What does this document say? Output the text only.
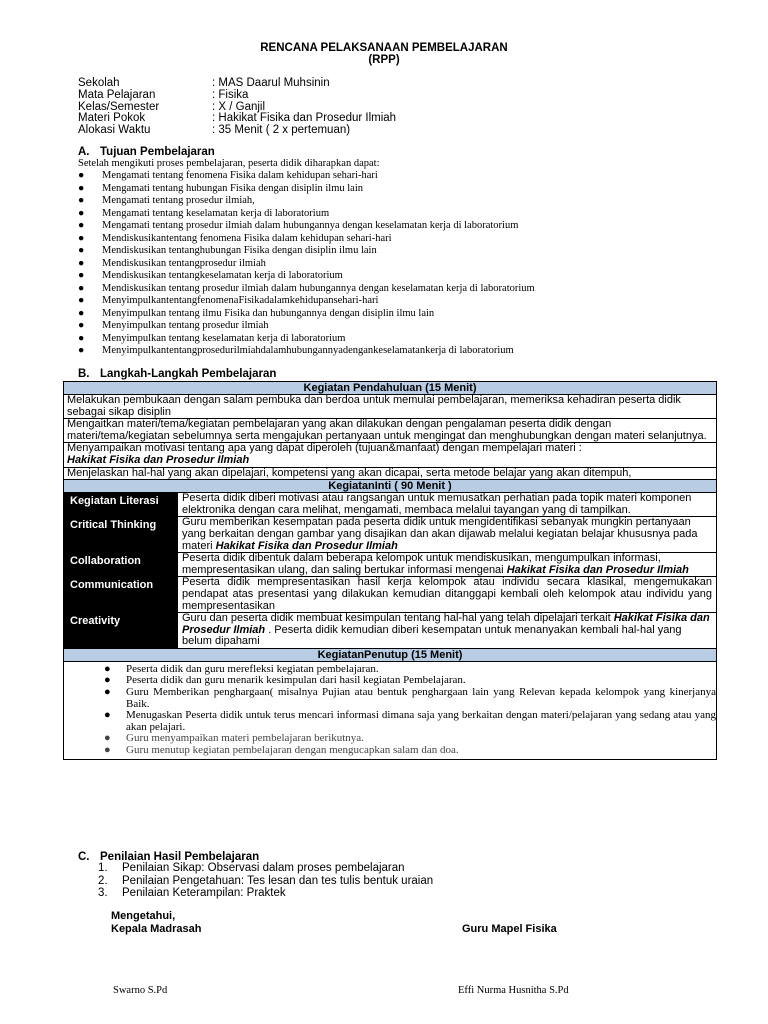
RENCANA PELAKSANAAN PEMBELAJARAN
(RPP)
Sekolah	: MAS Daarul Muhsinin
Mata Pelajaran	: Fisika
Kelas/Semester	: X / Ganjil
Materi Pokok	: Hakikat Fisika dan Prosedur Ilmiah
Alokasi Waktu	: 35 Menit ( 2 x pertemuan)
A. Tujuan Pembelajaran
Setelah mengikuti proses pembelajaran, peserta didik diharapkan dapat:
●	Mengamati tentang fenomena Fisika dalam kehidupan sehari-hari
●	Mengamati tentang hubungan Fisika dengan disiplin ilmu lain
●	Mengamati tentang prosedur ilmiah,
●	Mengamati tentang keselamatan kerja di laboratorium
●	Mengamati tentang prosedur ilmiah dalam hubungannya dengan keselamatan kerja di laboratorium
●	Mendiskusikantentang fenomena Fisika dalam kehidupan sehari-hari
●	Mendiskusikan tentanghubungan Fisika dengan disiplin ilmu lain
●	Mendiskusikan tentangprosedur ilmiah
●	Mendiskusikan tentangkeselamatan kerja di laboratorium
●	Mendiskusikan tentang prosedur ilmiah dalam hubungannya dengan keselamatan kerja di laboratorium
●	MenyimpulkantentangfenomenaFisikadalamkehidupansehari-hari
●	Menyimpulkan tentang ilmu Fisika dan hubungannya dengan disiplin ilmu lain
●	Menyimpulkan tentang prosedur ilmiah
●	Menyimpulkan tentang keselamatan kerja di laboratorium
●	Menyimpulkantentangprosedurilmiahdalamhubungannyadengankeselamatankerja di laboratorium
B. Langkah-Langkah Pembelajaran
Kegiatan Pendahuluan (15 Menit)
Melakukan pembukaan dengan salam pembuka dan berdoa untuk memulai pembelajaran, memeriksa kehadiran peserta didik sebagai sikap disiplin
Mengaitkan materi/tema/kegiatan pembelajaran yang akan dilakukan dengan pengalaman peserta didik dengan materi/tema/kegiatan sebelumnya serta mengajukan pertanyaan untuk mengingat dan menghubungkan dengan materi selanjutnya.
Menyampaikan motivasi tentang apa yang dapat diperoleh (tujuan&manfaat) dengan mempelajari materi :
Hakikat Fisika dan Prosedur Ilmiah
Menjelaskan hal-hal yang akan dipelajari, kompetensi yang akan dicapai, serta metode belajar yang akan ditempuh,
KegiatanInti ( 90 Menit )
Kegiatan Literasi	Peserta didik diberi motivasi atau rangsangan untuk memusatkan perhatian pada topik materi komponen elektronika dengan cara melihat, mengamati, membaca melalui tayangan yang di tampilkan.
Critical Thinking	Guru memberikan kesempatan pada peserta didik untuk mengidentifikasi sebanyak mungkin pertanyaan yang berkaitan dengan gambar yang disajikan dan akan dijawab melalui kegiatan belajar khususnya pada materi Hakikat Fisika dan Prosedur Ilmiah
Collaboration	Peserta didik dibentuk dalam beberapa kelompok untuk mendiskusikan, mengumpulkan informasi, mempresentasikan ulang, dan saling bertukar informasi mengenai Hakikat Fisika dan Prosedur Ilmiah
Communication	Peserta didik mempresentasikan hasil kerja kelompok atau individu secara klasikal, mengemukakan pendapat atas presentasi yang dilakukan kemudian ditanggapi kembali oleh kelompok atau individu yang mempresentasikan
Creativity	Guru dan peserta didik membuat kesimpulan tentang hal-hal yang telah dipelajari terkait Hakikat Fisika dan Prosedur Ilmiah . Peserta didik kemudian diberi kesempatan untuk menanyakan kembali hal-hal yang belum dipahami
KegiatanPenutup (15 Menit)
●	Peserta didik dan guru merefleksi kegiatan pembelajaran.
●	Peserta didik dan guru menarik kesimpulan dari hasil kegiatan Pembelajaran.
●	Guru Memberikan penghargaan( misalnya Pujian atau bentuk penghargaan lain yang Relevan kepada kelompok yang kinerjanya Baik.
●	Menugaskan Peserta didik untuk terus mencari informasi dimana saja yang berkaitan dengan materi/pelajaran yang sedang atau yang akan pelajari.
●	Guru menyampaikan materi pembelajaran berikutnya.
●	Guru menutup kegiatan pembelajaran dengan mengucapkan salam dan doa.
C. Penilaian Hasil Pembelajaran
1.	Penilaian Sikap: Observasi dalam proses pembelajaran
2.	Penilaian Pengetahuan: Tes lesan dan tes tulis bentuk uraian
3.	Penilaian Keterampilan: Praktek
Mengetahui,
Kepala Madrasah	Guru Mapel Fisika
Swarno S.Pd	Effi Nurma Husnitha S.Pd
